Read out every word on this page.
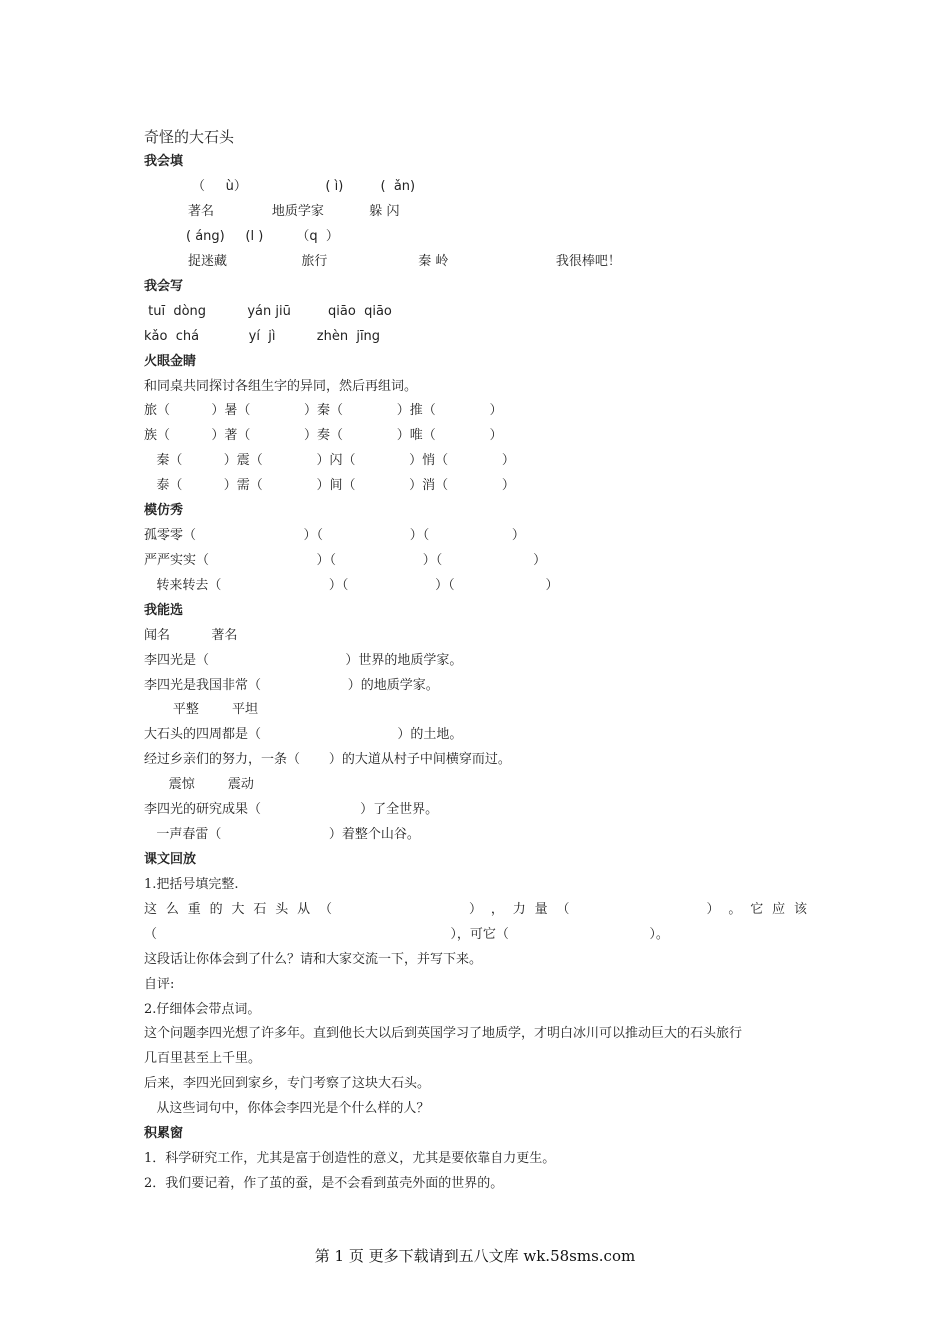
奇怪的大石头
我会填
（     ù）                   ( ì)         (  ǎn)
著名              地质学家           躲 闪
( áng)     (l )        （q  ）
捉迷藏                  旅行                      秦 岭                          我很棒吧！
我会写
tuī  dòng          yán jiū         qiāo  qiāo
kǎo  chá            yí  jì          zhèn  jīng
火眼金睛
和同桌共同探讨各组生字的异同，然后再组词。
旅（          ）暑（             ）秦（             ）推（             ）
族（          ）著（             ）奏（             ）唯（             ）
秦（          ）震（             ）闪（             ）悄（             ）
泰（          ）需（             ）间（             ）消（             ）
模仿秀
孤零零（                          ）（                     ）（                    ）
严严实实（                          ）（                     ）（                      ）
转来转去（                          ）（                     ）（                      ）
我能选
闻名          著名
李四光是（                                 ）世界的地质学家。
李四光是我国非常（                     ）的地质学家。
平整        平坦
大石头的四周都是（                                 ）的土地。
经过乡亲们的努力，一条（       ）的大道从村子中间横穿而过。
震惊        震动
李四光的研究成果（                        ）了全世界。
一声春雷（                          ）着整个山谷。
课文回放
1.把括号填完整.
这 么 重 的 大 石 头 从 （ ） ， 力 量 （ ） 。 它 应 该
（                                                                       ），可它（                                  ）。
这段话让你体会到了什么？请和大家交流一下，并写下来。
自评:
2.仔细体会带点词。
这个问题李四光想了许多年。直到他长大以后到英国学习了地质学，才明白冰川可以推动巨大的石头旅行
几百里甚至上千里。
后来，李四光回到家乡，专门考察了这块大石头。
从这些词句中，你体会李四光是个什么样的人？
积累窗
1．科学研究工作，尤其是富于创造性的意义，尤其是要依靠自力更生。
2．我们要记着，作了茧的蚕，是不会看到茧壳外面的世界的。
第 1 页 更多下载请到五八文库 wk.58sms.com
